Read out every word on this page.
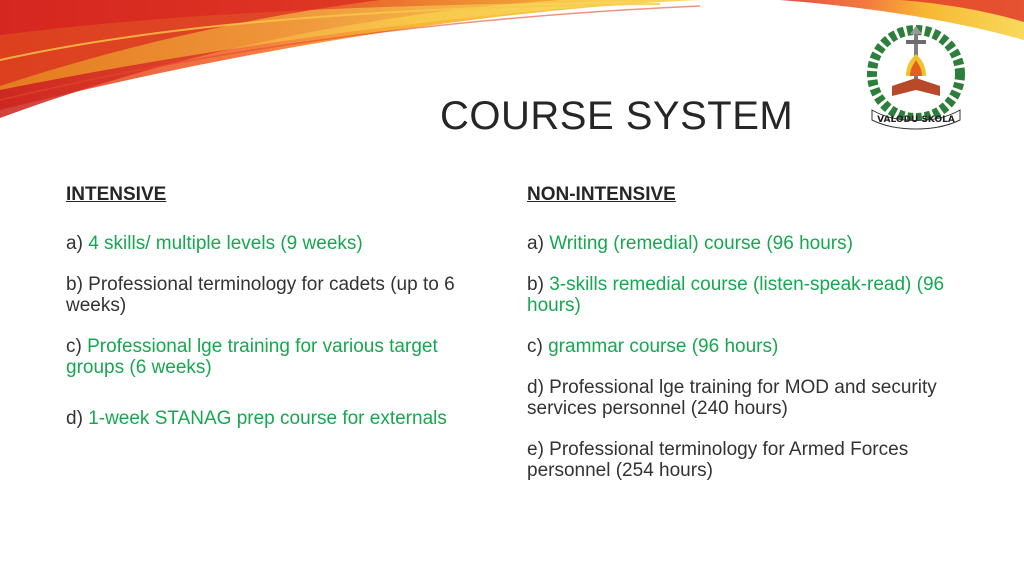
VALODU SKOLA
COURSE SYSTEM
INTENSIVE
a) 4 skills/ multiple levels (9 weeks)
b) Professional terminology for cadets (up to 6 weeks)
c) Professional lge training for various target groups (6 weeks)
d) 1-week STANAG prep course for externals
NON-INTENSIVE
a) Writing (remedial) course (96 hours)
b) 3-skills remedial course (listen-speak-read) (96 hours)
c) grammar course (96 hours)
d) Professional lge training for MOD and security services personnel (240 hours)
e) Professional terminology for Armed Forces personnel (254 hours)
